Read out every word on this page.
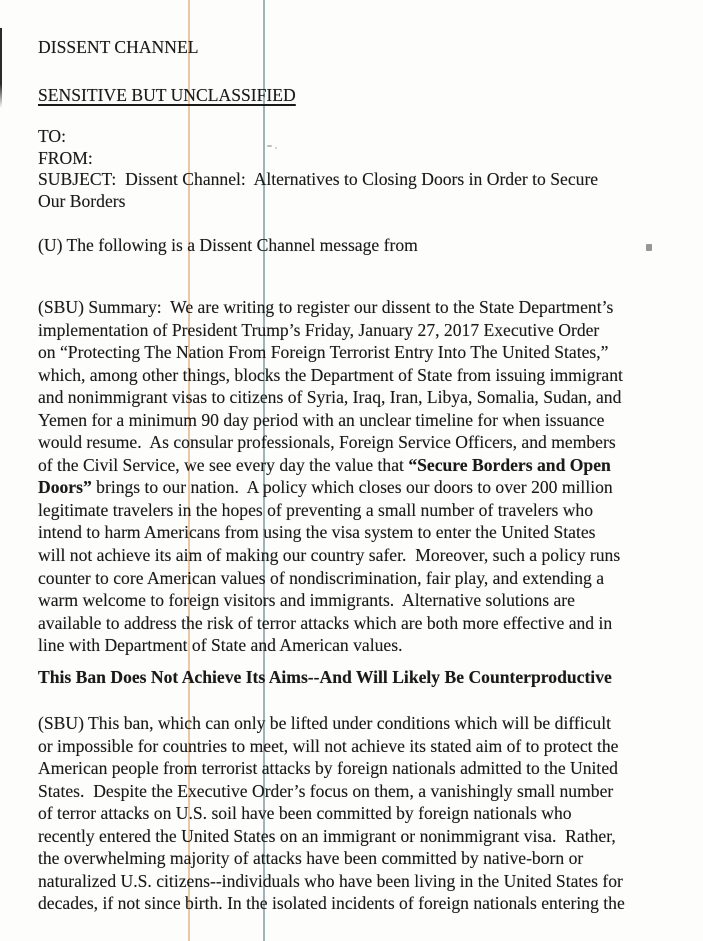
DISSENT CHANNEL
SENSITIVE BUT UNCLASSIFIED
TO:
FROM:
SUBJECT:  Dissent Channel:  Alternatives to Closing Doors in Order to Secure
Our Borders
(U) The following is a Dissent Channel message from
(SBU) Summary:  We are writing to register our dissent to the State Department’s
implementation of President Trump’s Friday, January 27, 2017 Executive Order
on “Protecting The Nation From Foreign Terrorist Entry Into The United States,”
which, among other things, blocks the Department of State from issuing immigrant
and nonimmigrant visas to citizens of Syria, Iraq, Iran, Libya, Somalia, Sudan, and
Yemen for a minimum 90 day period with an unclear timeline for when issuance
would resume.  As consular professionals, Foreign Service Officers, and members
of the Civil Service, we see every day the value that “Secure Borders and Open
Doors” brings to our nation.  A policy which closes our doors to over 200 million
legitimate travelers in the hopes of preventing a small number of travelers who
intend to harm Americans from using the visa system to enter the United States
will not achieve its aim of making our country safer.  Moreover, such a policy runs
counter to core American values of nondiscrimination, fair play, and extending a
warm welcome to foreign visitors and immigrants.  Alternative solutions are
available to address the risk of terror attacks which are both more effective and in
line with Department of State and American values.
This Ban Does Not Achieve Its Aims--And Will Likely Be Counterproductive
(SBU) This ban, which can only be lifted under conditions which will be difficult
or impossible for countries to meet, will not achieve its stated aim of to protect the
American people from terrorist attacks by foreign nationals admitted to the United
States.  Despite the Executive Order’s focus on them, a vanishingly small number
of terror attacks on U.S. soil have been committed by foreign nationals who
recently entered the United States on an immigrant or nonimmigrant visa.  Rather,
the overwhelming majority of attacks have been committed by native-born or
naturalized U.S. citizens--individuals who have been living in the United States for
decades, if not since birth. In the isolated incidents of foreign nationals entering the
